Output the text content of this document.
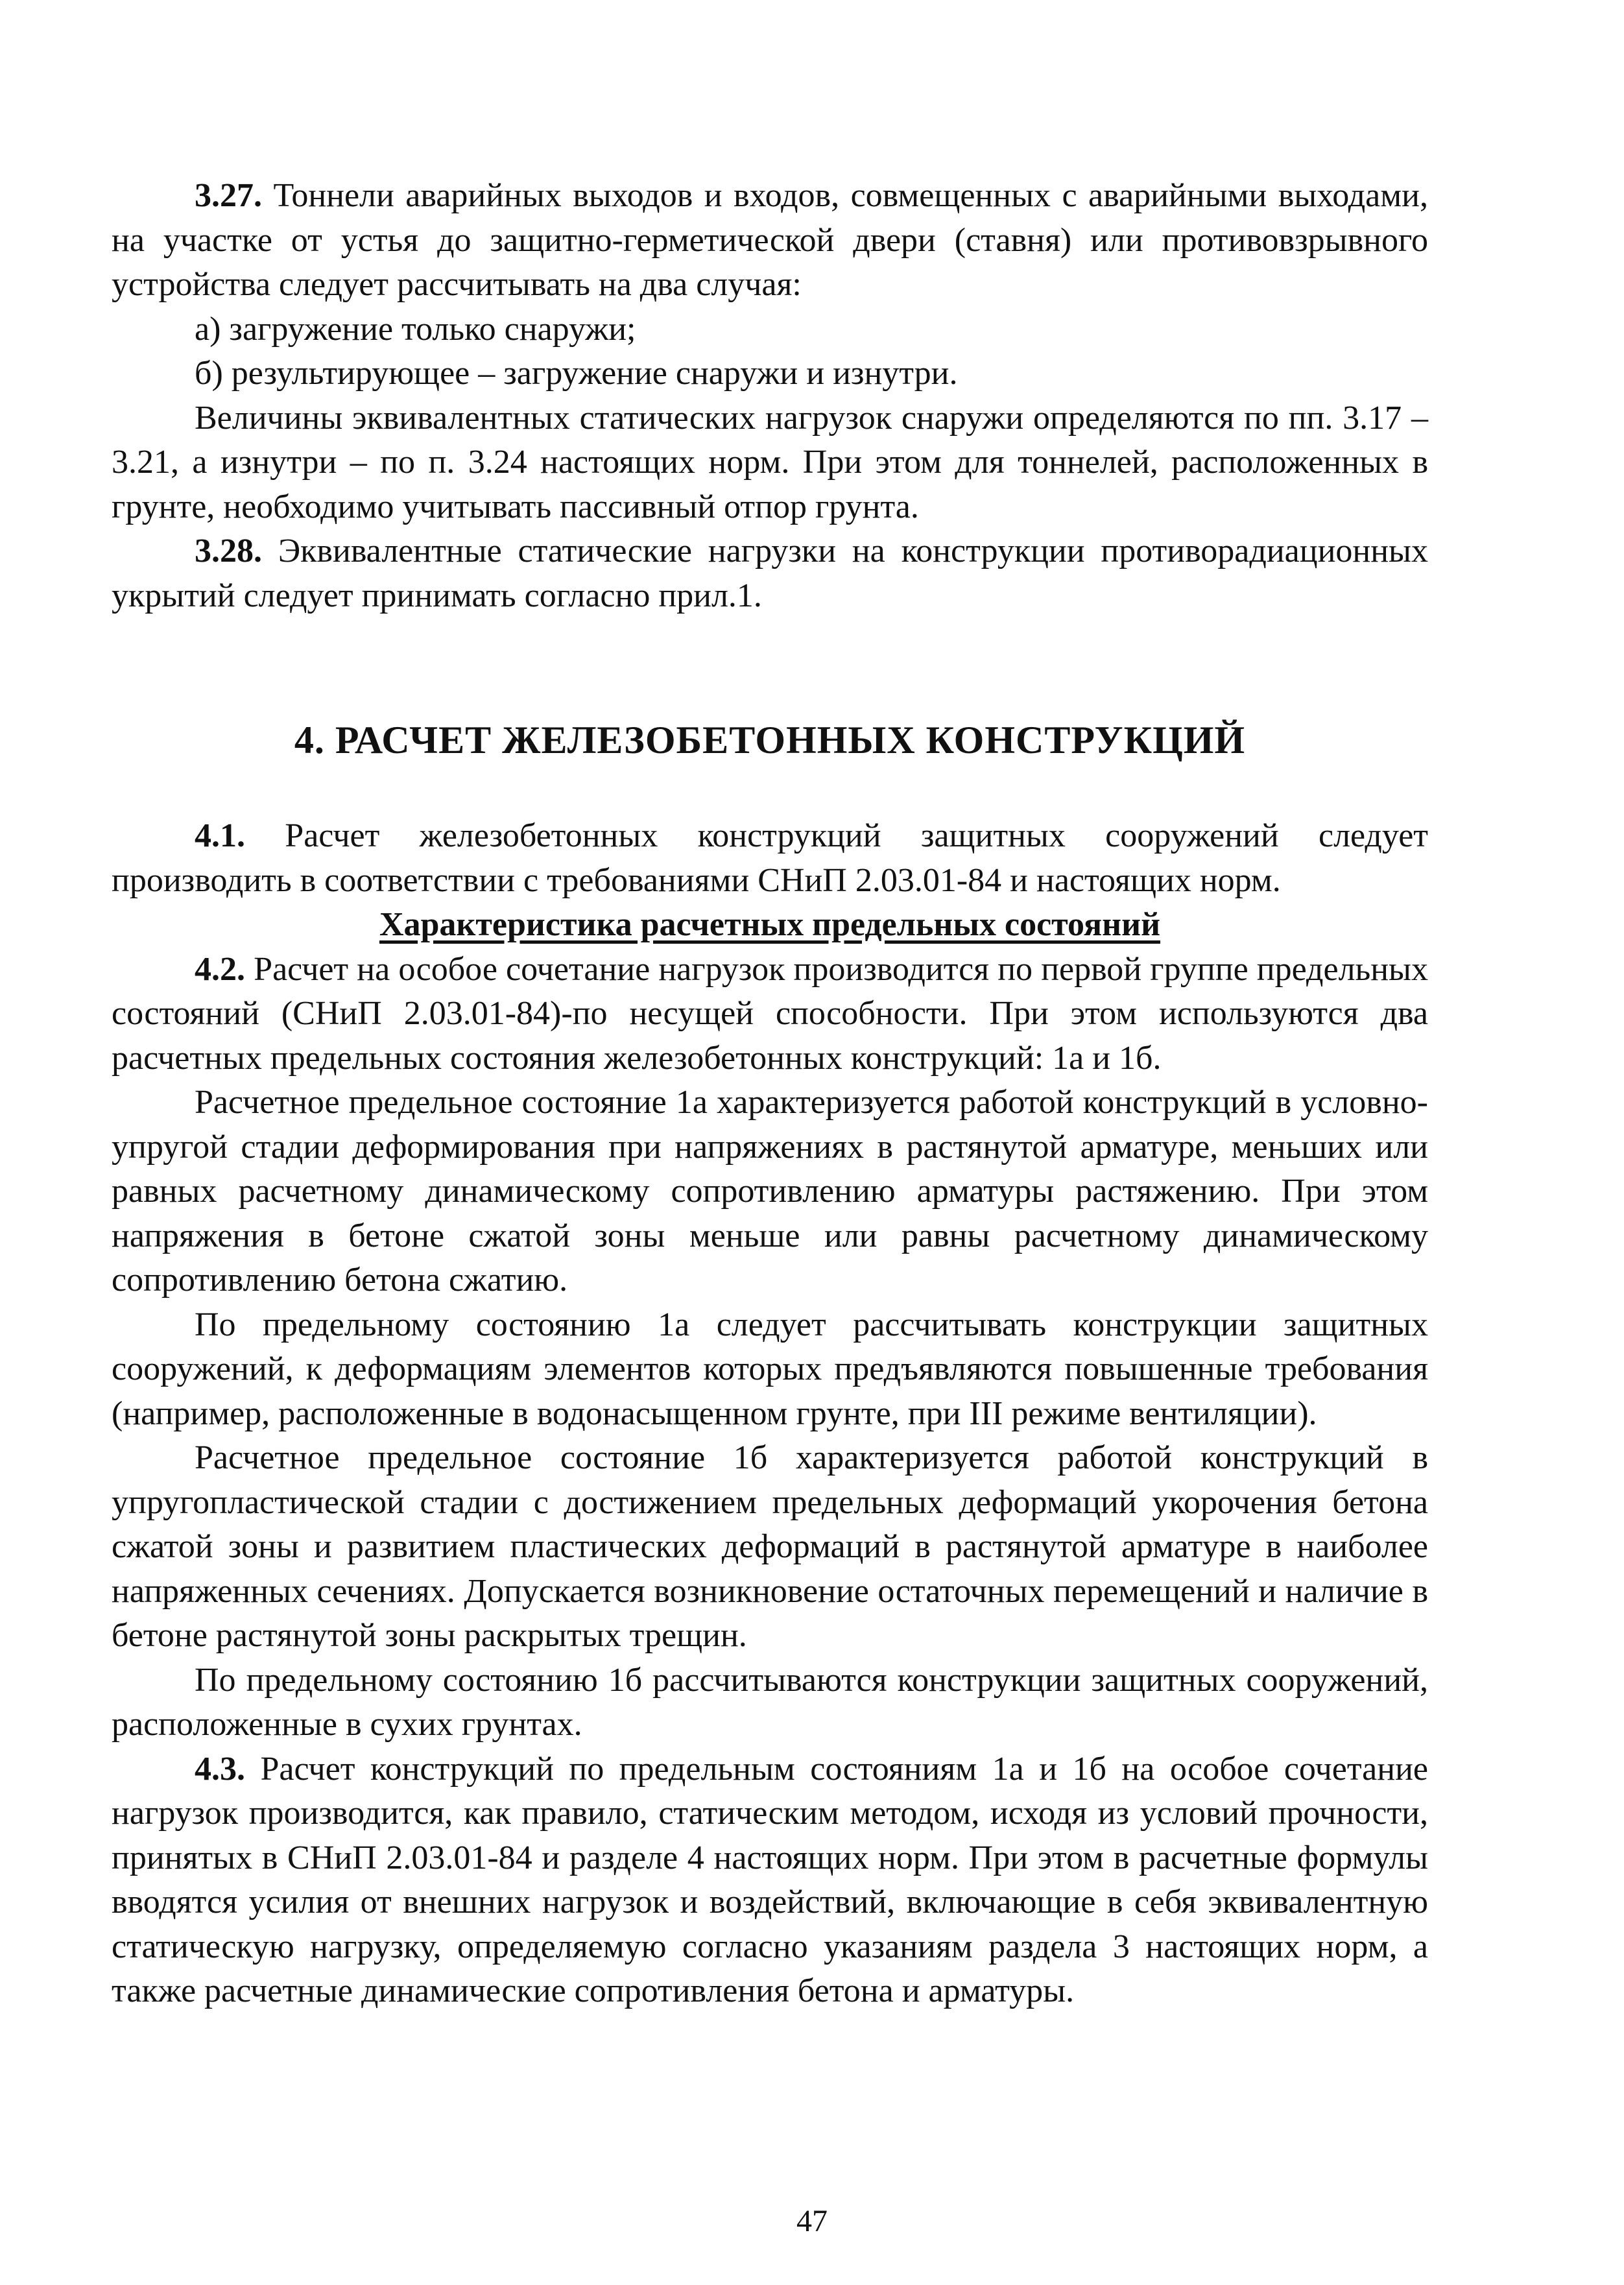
3.27. Тоннели аварийных выходов и входов, совмещенных с аварийными выходами, на участке от устья до защитно-герметической двери (ставня) или противовзрывного устройства следует рассчитывать на два случая:

а) загружение только снаружи;

б) результирующее – загружение снаружи и изнутри.

Величины эквивалентных статических нагрузок снаружи определяются по пп. 3.17 – 3.21, а изнутри – по п. 3.24 настоящих норм. При этом для тоннелей, расположенных в грунте, необходимо учитывать пассивный отпор грунта.

3.28. Эквивалентные статические нагрузки на конструкции противорадиационных укрытий следует принимать согласно прил.1.

4. РАСЧЕТ ЖЕЛЕЗОБЕТОННЫХ КОНСТРУКЦИЙ

4.1. Расчет железобетонных конструкций защитных сооружений следует производить в соответствии с требованиями СНиП 2.03.01-84 и настоящих норм.

Характеристика расчетных предельных состояний

4.2. Расчет на особое сочетание нагрузок производится по первой группе предельных состояний (СНиП 2.03.01-84)-по несущей способности. При этом используются два расчетных предельных состояния железобетонных конструкций: 1а и 1б.

Расчетное предельное состояние 1а характеризуется работой конструкций в условно-упругой стадии деформирования при напряжениях в растянутой арматуре, меньших или равных расчетному динамическому сопротивлению арматуры растяжению. При этом напряжения в бетоне сжатой зоны меньше или равны расчетному динамическому сопротивлению бетона сжатию.

По предельному состоянию 1а следует рассчитывать конструкции защитных сооружений, к деформациям элементов которых предъявляются повышенные требования (например, расположенные в водонасыщенном грунте, при III режиме вентиляции).

Расчетное предельное состояние 1б характеризуется работой конструкций в упругопластической стадии с достижением предельных деформаций укорочения бетона сжатой зоны и развитием пластических деформаций в растянутой арматуре в наиболее напряженных сечениях. Допускается возникновение остаточных перемещений и наличие в бетоне растянутой зоны раскрытых трещин.

По предельному состоянию 1б рассчитываются конструкции защитных сооружений, расположенные в сухих грунтах.

4.3. Расчет конструкций по предельным состояниям 1а и 1б на особое сочетание нагрузок производится, как правило, статическим методом, исходя из условий прочности, принятых в СНиП 2.03.01-84 и разделе 4 настоящих норм. При этом в расчетные формулы вводятся усилия от внешних нагрузок и воздействий, включающие в себя эквивалентную статическую нагрузку, определяемую согласно указаниям раздела 3 настоящих норм, а также расчетные динамические сопротивления бетона и арматуры.

47
